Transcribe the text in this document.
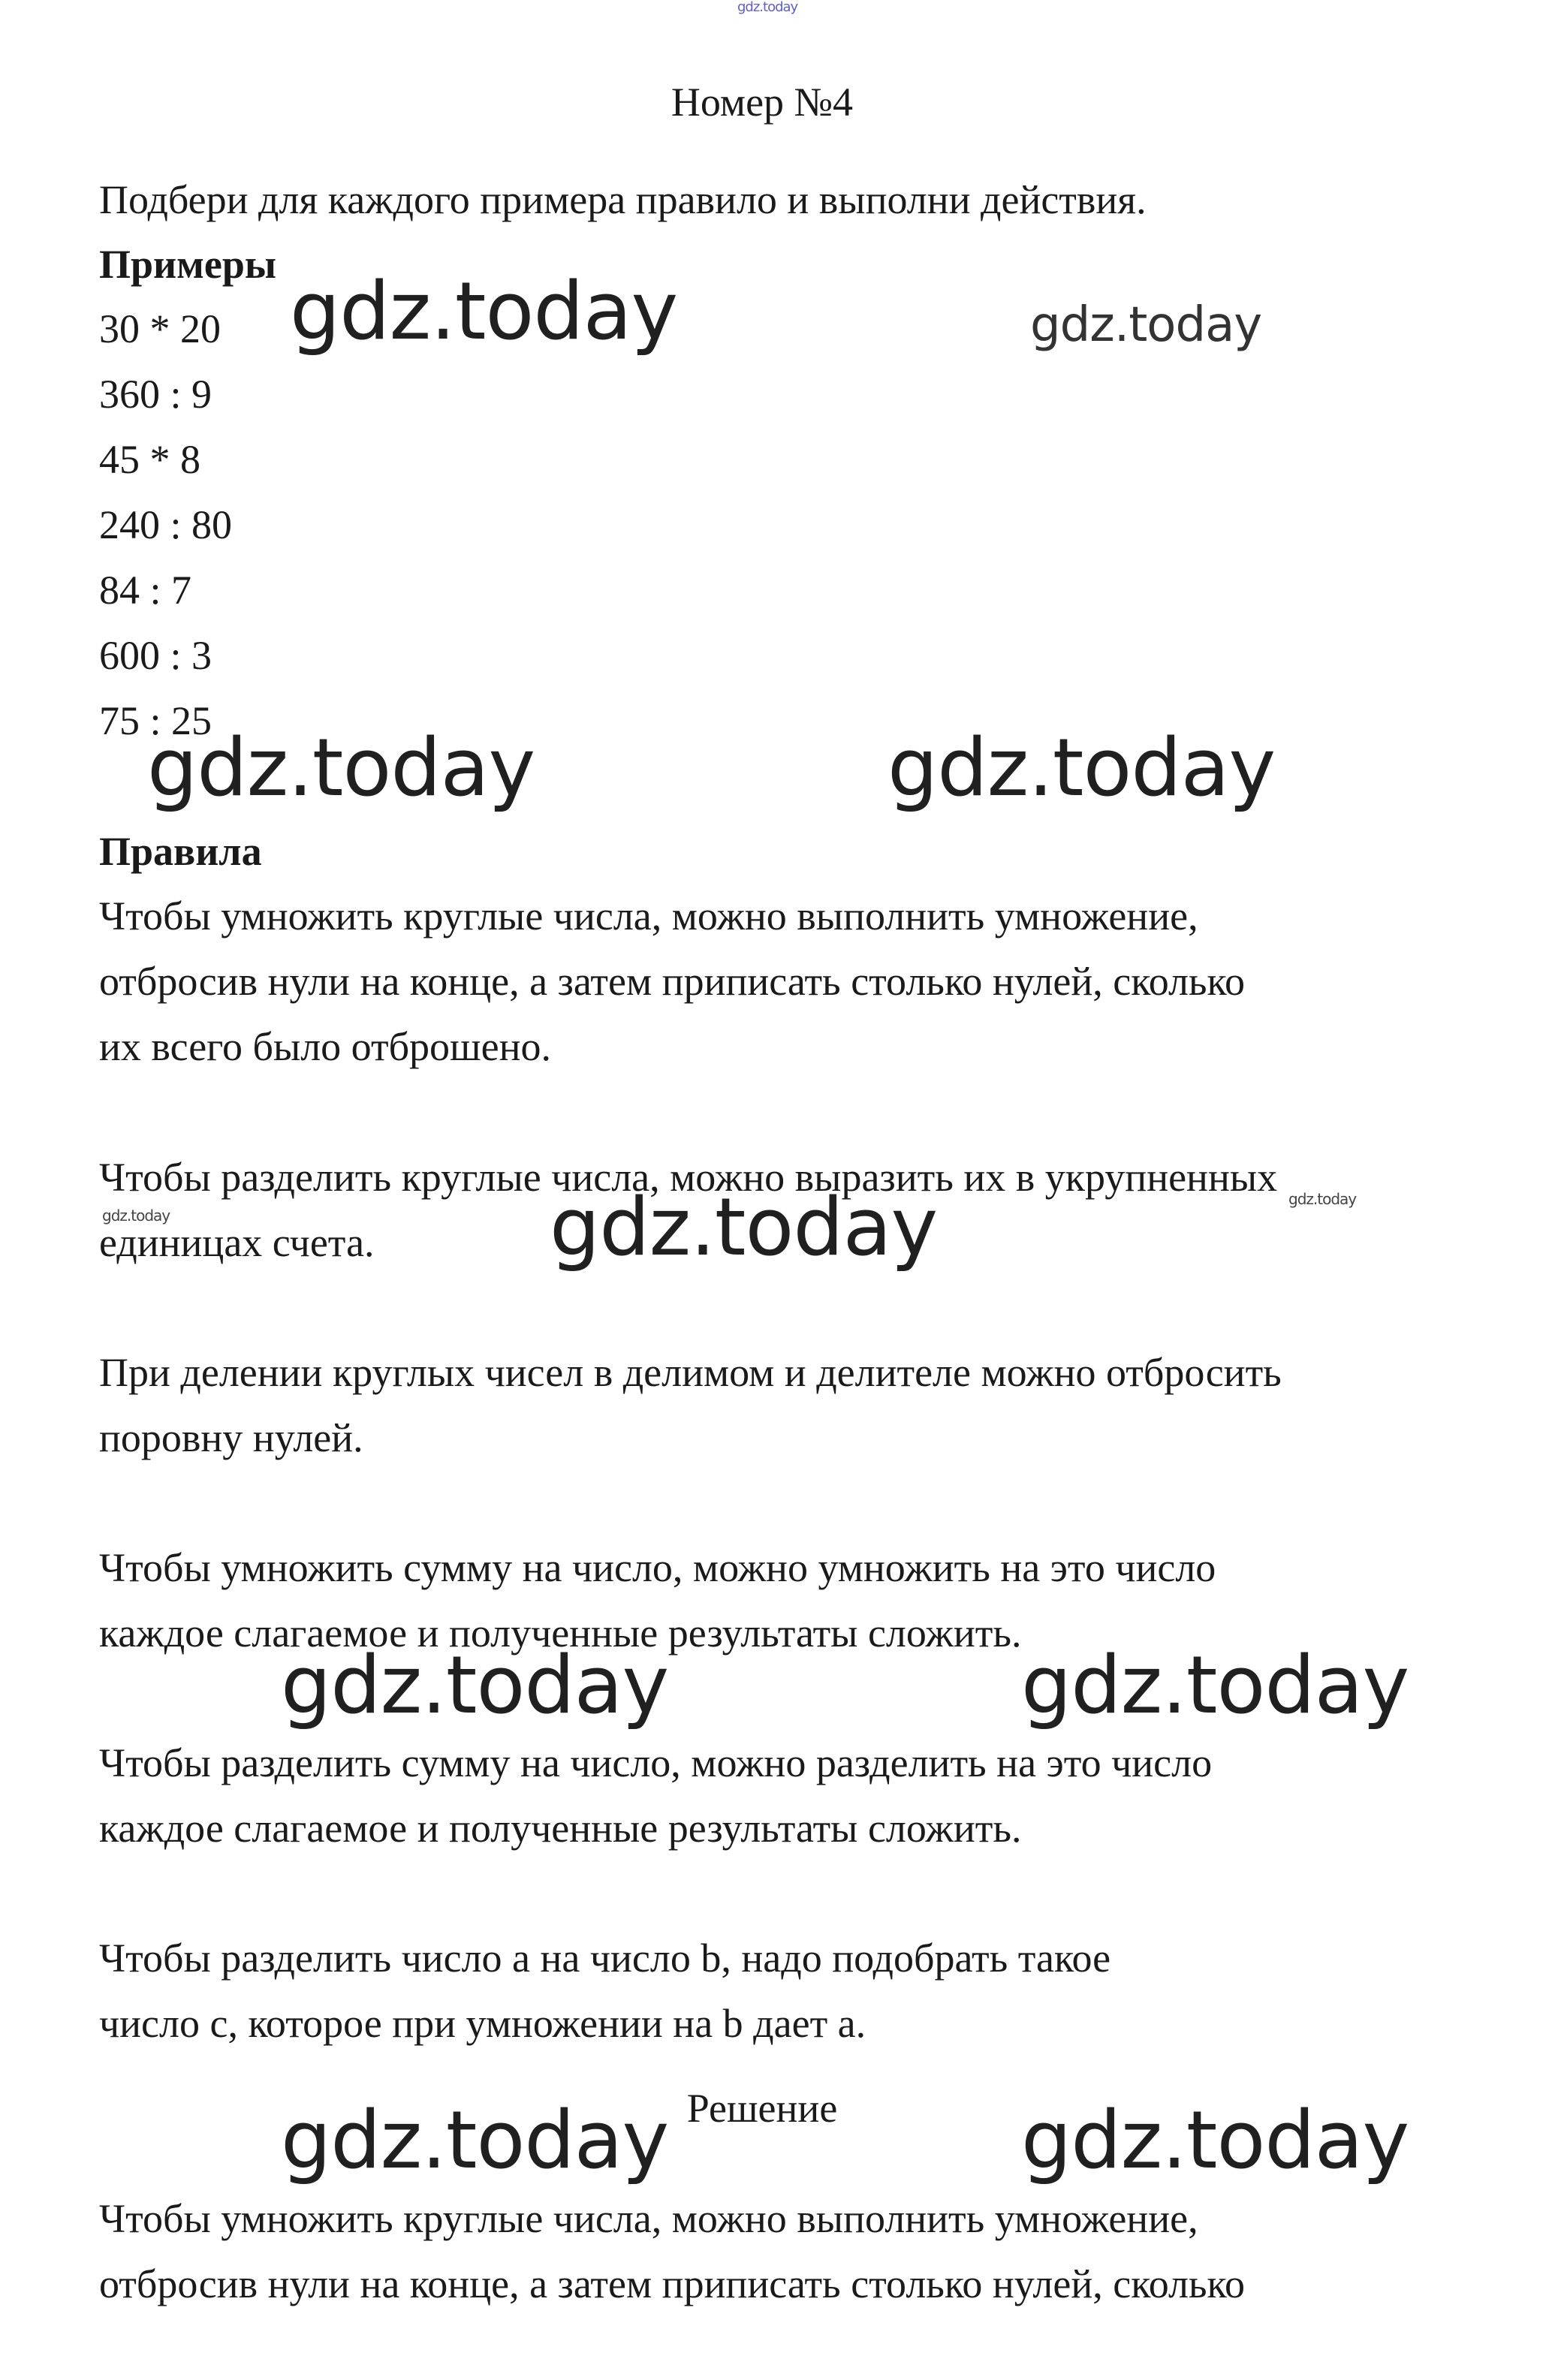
gdz.today
Номер №4
Подбери для каждого примера правило и выполни действия.
Примеры
30 * 20
360 : 9
45 * 8
240 : 80
84 : 7
600 : 3
75 : 25
Правила
Чтобы умножить круглые числа, можно выполнить умножение,
отбросив нули на конце, а затем приписать столько нулей, сколько
их всего было отброшено.
Чтобы разделить круглые числа, можно выразить их в укрупненных
единицах счета.
При делении круглых чисел в делимом и делителе можно отбросить
поровну нулей.
Чтобы умножить сумму на число, можно умножить на это число
каждое слагаемое и полученные результаты сложить.
Чтобы разделить сумму на число, можно разделить на это число
каждое слагаемое и полученные результаты сложить.
Чтобы разделить число а на число b, надо подобрать такое
число с, которое при умножении на b дает а.
Решение
Чтобы умножить круглые числа, можно выполнить умножение,
отбросив нули на конце, а затем приписать столько нулей, сколько
gdz.today	gdz.today
gdz.today	gdz.today
gdz.today
gdz.today
gdz.today
gdz.today	gdz.today
gdz.today	gdz.today
